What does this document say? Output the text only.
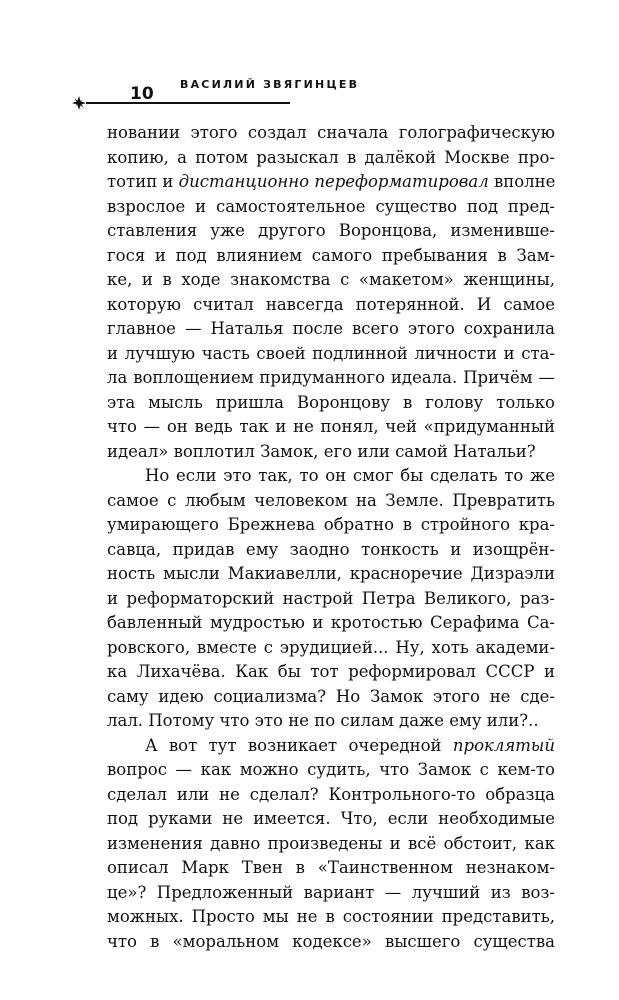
10 ВАСИЛИЙ ЗВЯГИНЦЕВ
новании этого создал сначала голографическую
копию, а потом разыскал в далёкой Москве про-
тотип и дистанционно переформатировал вполне
взрослое и самостоятельное существо под пред-
ставления уже другого Воронцова, изменивше-
гося и под влиянием самого пребывания в Зам-
ке, и в ходе знакомства с «макетом» женщины,
которую считал навсегда потерянной. И самое
главное — Наталья после всего этого сохранила
и лучшую часть своей подлинной личности и ста-
ла воплощением придуманного идеала. Причём —
эта мысль пришла Воронцову в голову только
что — он ведь так и не понял, чей «придуманный
идеал» воплотил Замок, его или самой Натальи?
Но если это так, то он смог бы сделать то же
самое с любым человеком на Земле. Превратить
умирающего Брежнева обратно в стройного кра-
савца, придав ему заодно тонкость и изощрён-
ность мысли Макиавелли, красноречие Дизраэли
и реформаторский настрой Петра Великого, раз-
бавленный мудростью и кротостью Серафима Са-
ровского, вместе с эрудицией... Ну, хоть академи-
ка Лихачёва. Как бы тот реформировал СССР и
саму идею социализма? Но Замок этого не сде-
лал. Потому что это не по силам даже ему или?..
А вот тут возникает очередной проклятый
вопрос — как можно судить, что Замок с кем-то
сделал или не сделал? Контрольного-то образца
под руками не имеется. Что, если необходимые
изменения давно произведены и всё обстоит, как
описал Марк Твен в «Таинственном незнаком-
це»? Предложенный вариант — лучший из воз-
можных. Просто мы не в состоянии представить,
что в «моральном кодексе» высшего существа
